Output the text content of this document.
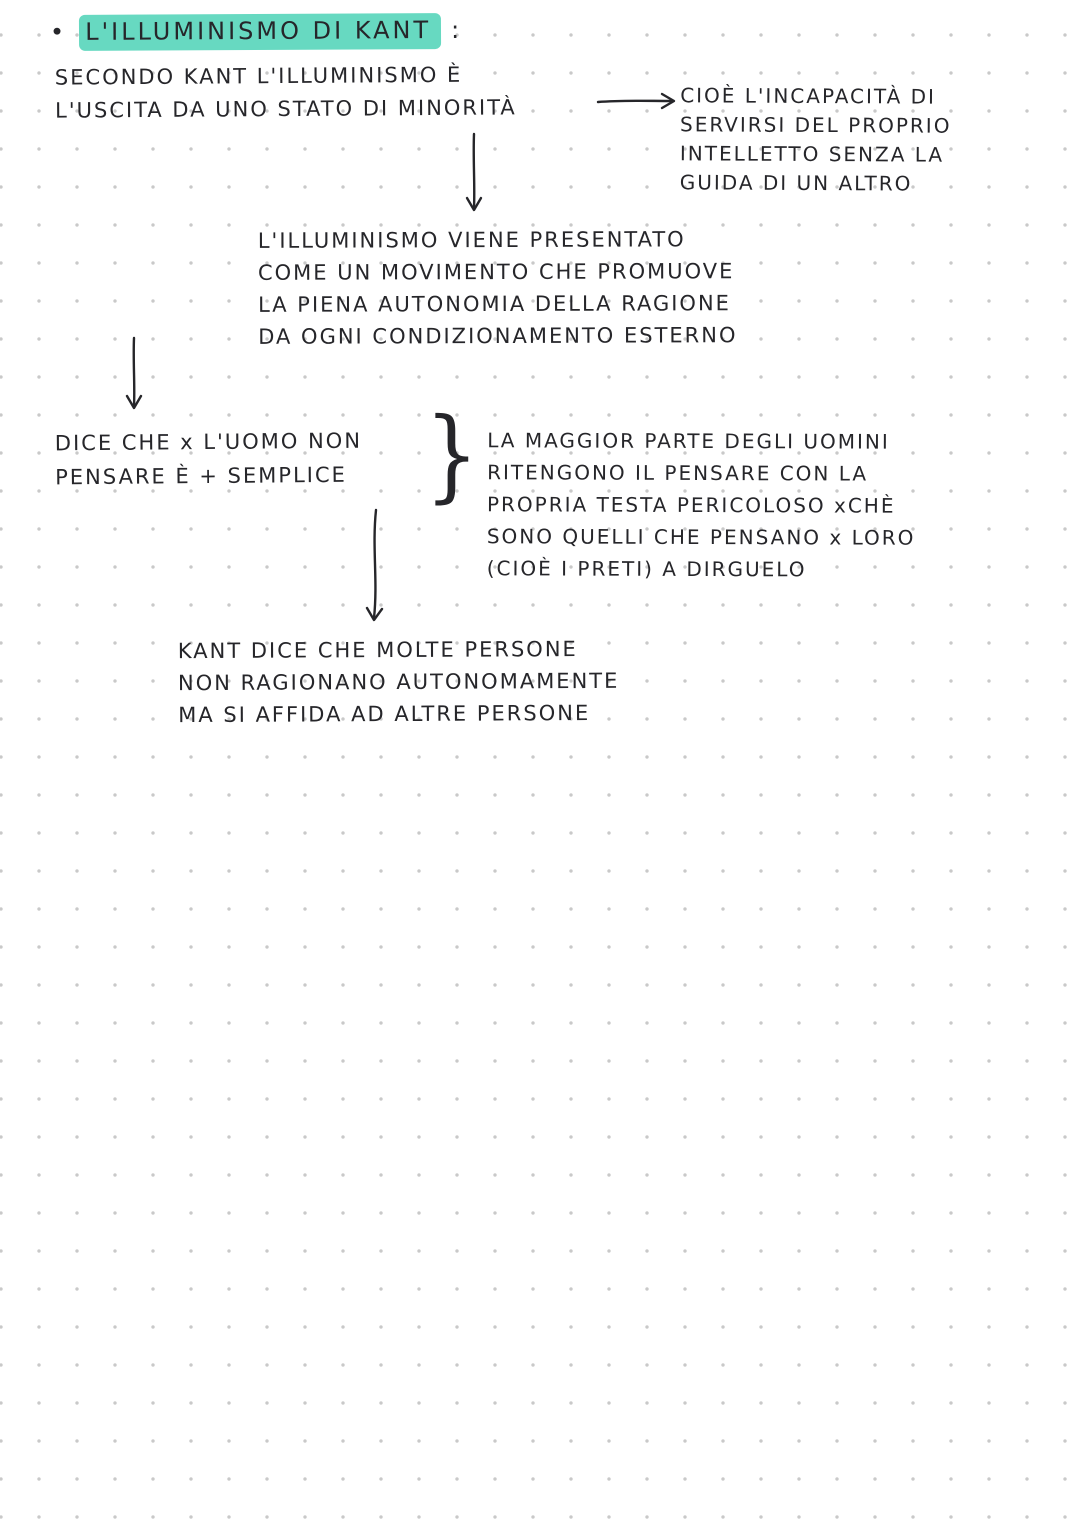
• L'ILLUMINISMO DI KANT :
SECONDO KANT L'ILLUMINISMO È
L'USCITA DA UNO STATO DI MINORITÀ	CIOÈ L'INCAPACITÀ DI
SERVIRSI DEL PROPRIO
INTELLETTO SENZA LA
GUIDA DI UN ALTRO
L'ILLUMINISMO VIENE PRESENTATO
COME UN MOVIMENTO CHE PROMUOVE
LA PIENA AUTONOMIA DELLA RAGIONE
DA OGNI CONDIZIONAMENTO ESTERNO
DICE CHE x L'UOMO NON
PENSARE È + SEMPLICE } LA MAGGIOR PARTE DEGLI UOMINI
RITENGONO IL PENSARE CON LA
PROPRIA TESTA PERICOLOSO xCHÈ
SONO QUELLI CHE PENSANO x LORO
(CIOÈ I PRETI) A DIRGUELO
KANT DICE CHE MOLTE PERSONE
NON RAGIONANO AUTONOMAMENTE
MA SI AFFIDA AD ALTRE PERSONE
